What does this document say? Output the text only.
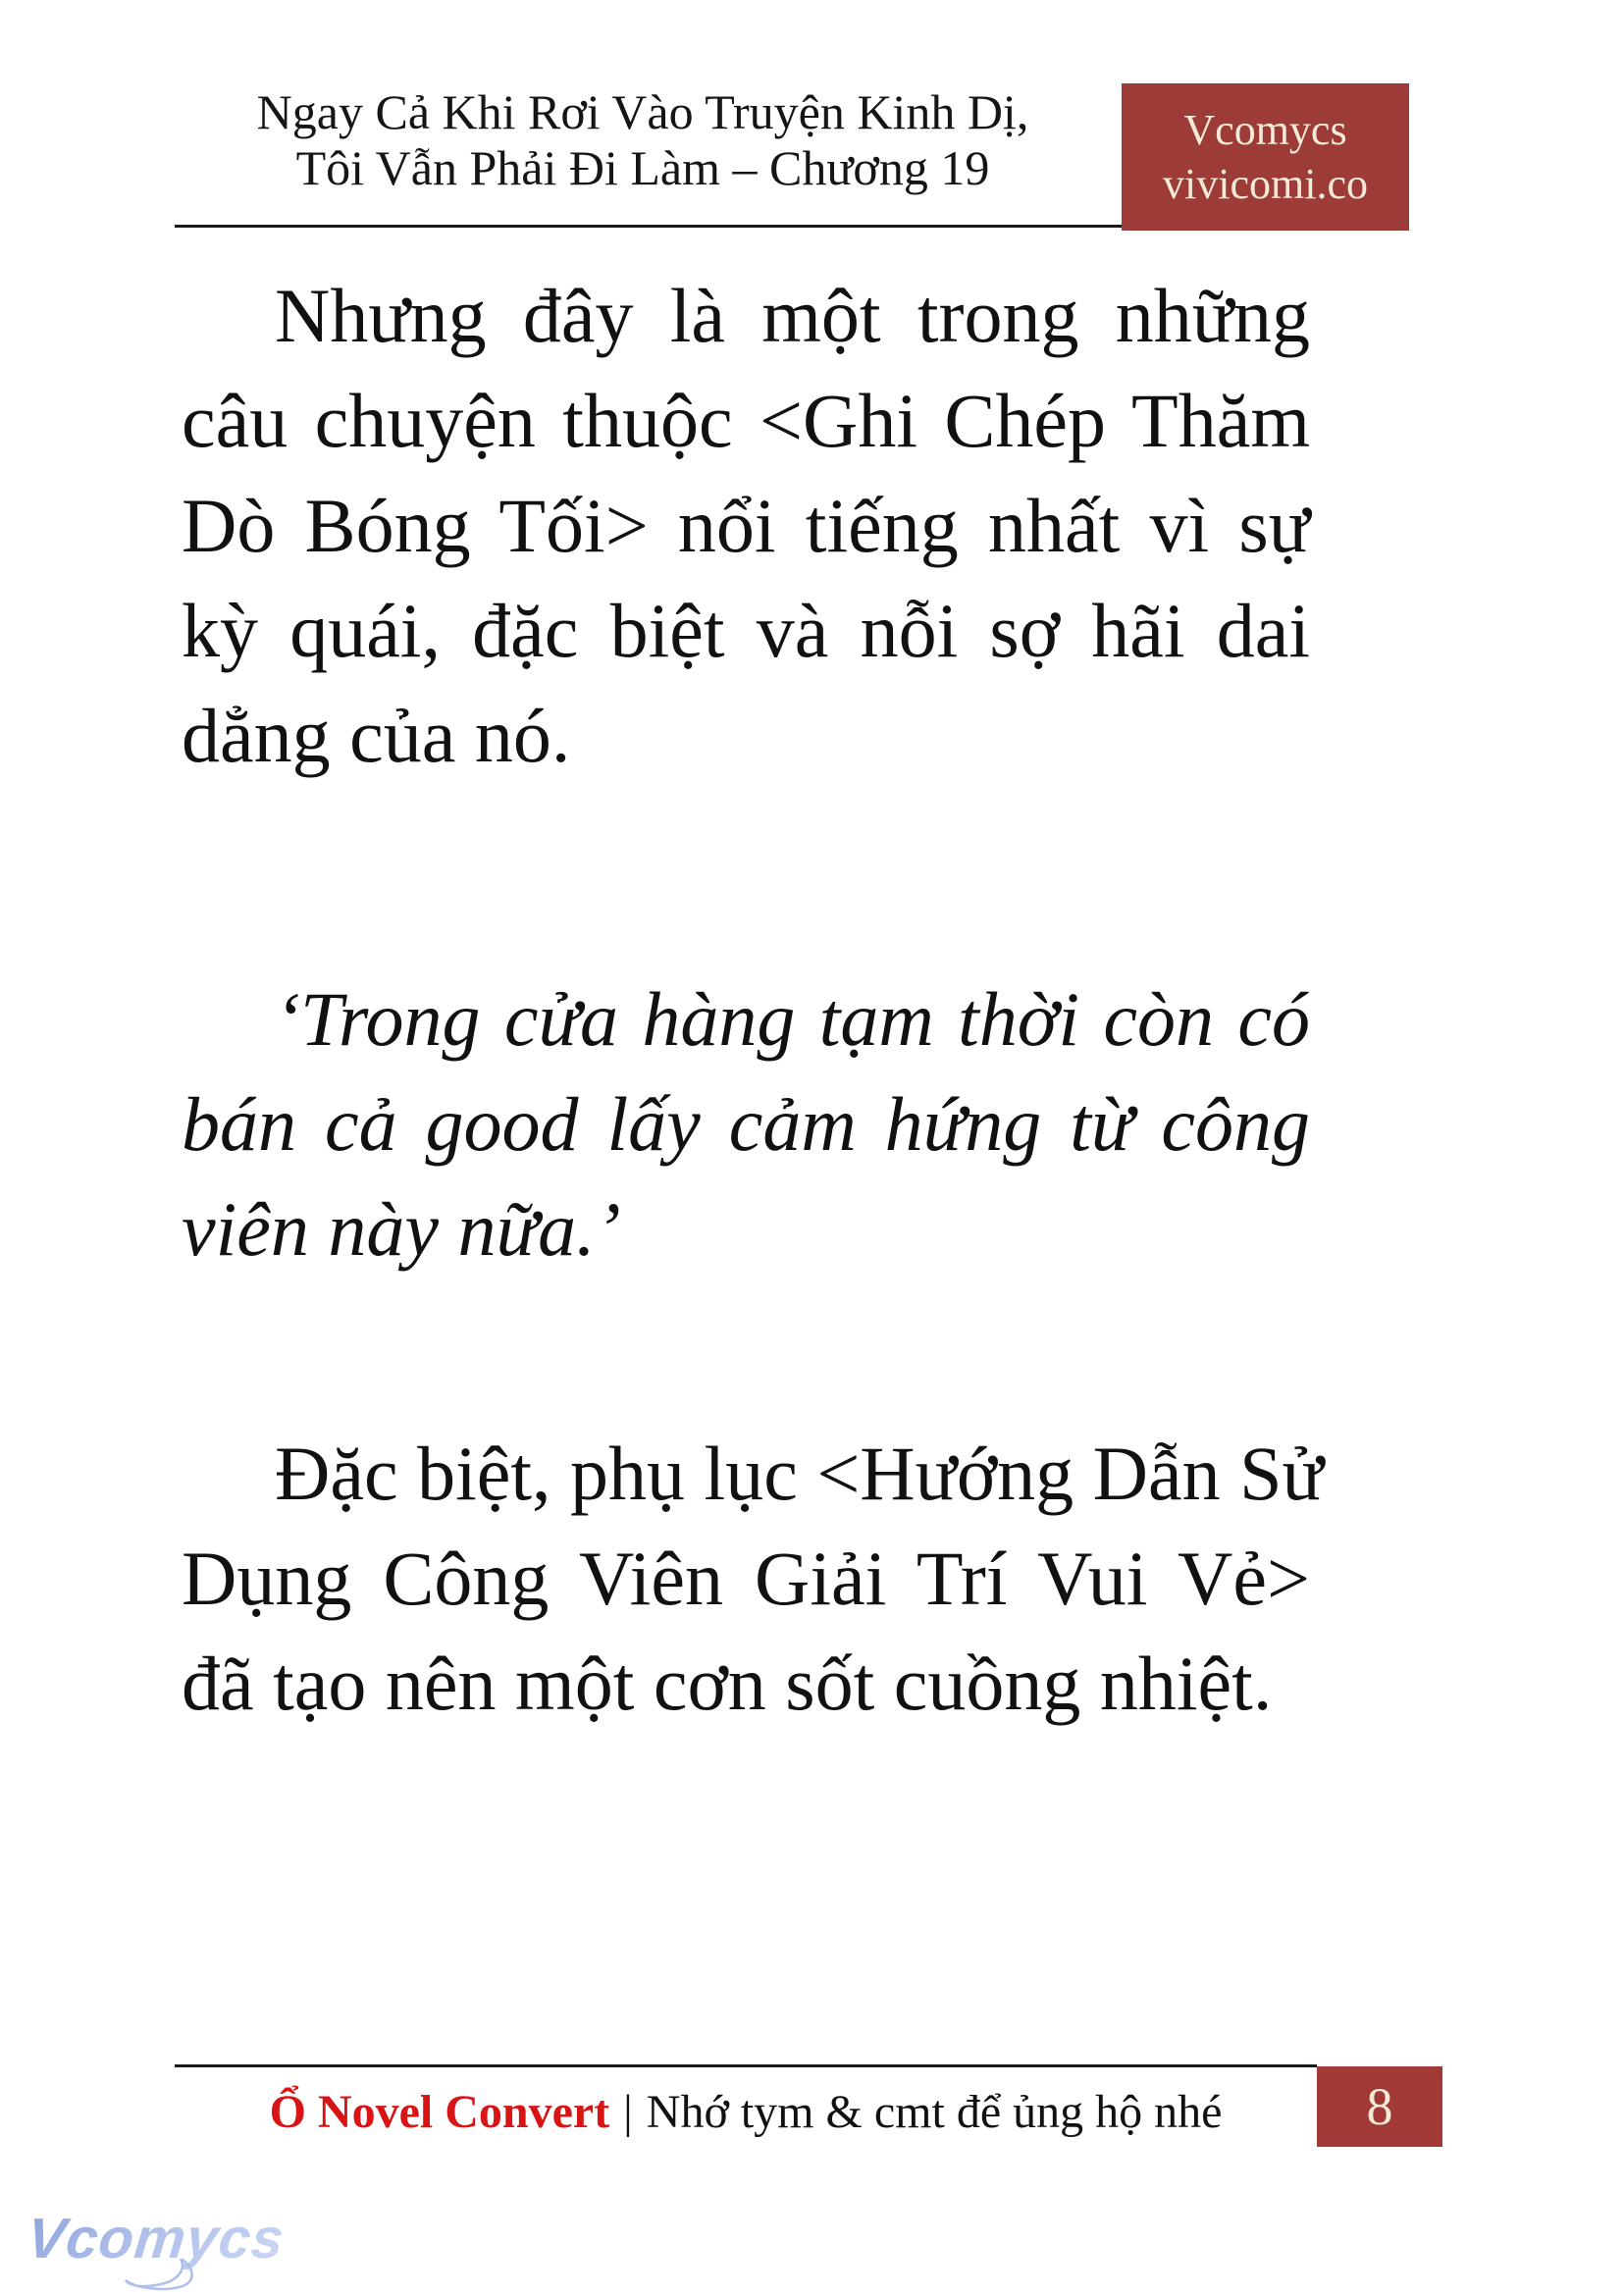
Ngay Cả Khi Rơi Vào Truyện Kinh Dị,
Tôi Vẫn Phải Đi Làm – Chương 19
Vcomycs
vivicomi.co
Nhưng đây là một trong những
câu chuyện thuộc <Ghi Chép Thăm
Dò Bóng Tối> nổi tiếng nhất vì sự
kỳ quái, đặc biệt và nỗi sợ hãi dai
dẳng của nó.
‘Trong cửa hàng tạm thời còn có
bán cả good lấy cảm hứng từ công
viên này nữa.’
Đặc biệt, phụ lục <Hướng Dẫn Sử
Dụng Công Viên Giải Trí Vui Vẻ>
đã tạo nên một cơn sốt cuồng nhiệt.
Ổ Novel Convert | Nhớ tym & cmt để ủng hộ nhé	8
Vcomycs
